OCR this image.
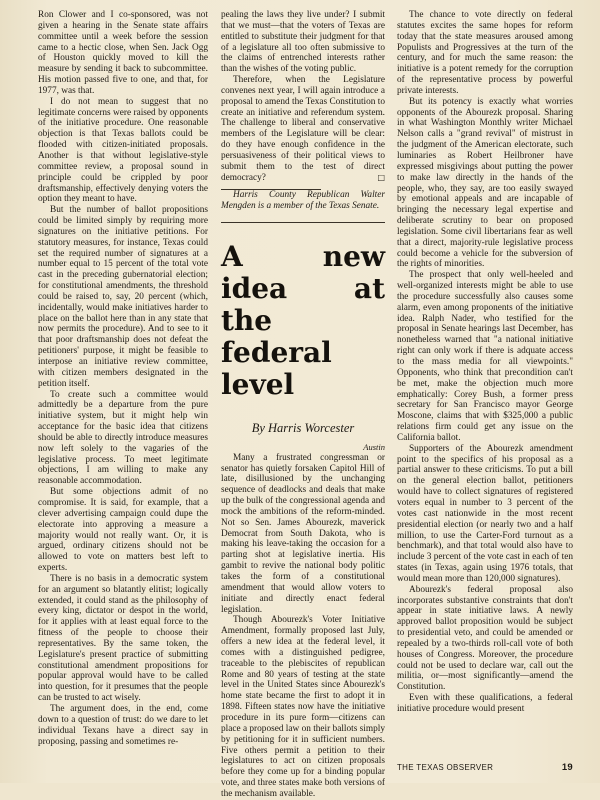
Ron Clower and I co-sponsored, was not given a hearing in the Senate state affairs committee until a week before the session came to a hectic close, when Sen. Jack Ogg of Houston quickly moved to kill the measure by sending it back to subcommittee. His motion passed five to one, and that, for 1977, was that.

I do not mean to suggest that no legitimate concerns were raised by opponents of the initiative procedure. One reasonable objection is that Texas ballots could be flooded with citizen-initiated proposals. Another is that without legislative-style committee review, a proposal sound in principle could be crippled by poor draftsmanship, effectively denying voters the option they meant to have.

But the number of ballot propositions could be limited simply by requiring more signatures on the initiative petitions. For statutory measures, for instance, Texas could set the required number of signatures at a number equal to 15 percent of the total vote cast in the preceding gubernatorial election; for constitutional amendments, the threshold could be raised to, say, 20 percent (which, incidentally, would make initiatives harder to place on the ballot here than in any state that now permits the procedure). And to see to it that poor draftsmanship does not defeat the petitioners' purpose, it might be feasible to interpose an initiative review committee, with citizen members designated in the petition itself.

To create such a committee would admittedly be a departure from the pure initiative system, but it might help win acceptance for the basic idea that citizens should be able to directly introduce measures now left solely to the vagaries of the legislative process. To meet legitimate objections, I am willing to make any reasonable accommodation.

But some objections admit of no compromise. It is said, for example, that a clever advertising campaign could dupe the electorate into approving a measure a majority would not really want. Or, it is argued, ordinary citizens should not be allowed to vote on matters best left to experts.

There is no basis in a democratic system for an argument so blatantly elitist; logically extended, it could stand as the philosophy of every king, dictator or despot in the world, for it applies with at least equal force to the fitness of the people to choose their representatives. By the same token, the Legislature's present practice of submitting constitutional amendment propositions for popular approval would have to be called into question, for it presumes that the people can be trusted to act wisely.

The argument does, in the end, come down to a question of trust: do we dare to let individual Texans have a direct say in proposing, passing and sometimes re-

pealing the laws they live under? I submit that we must—that the voters of Texas are entitled to substitute their judgment for that of a legislature all too often submissive to the claims of entrenched interests rather than the wishes of the voting public.

Therefore, when the Legislature convenes next year, I will again introduce a proposal to amend the Texas Constitution to create an initiative and referendum system. The challenge to liberal and conservative members of the Legislature will be clear: do they have enough confidence in the persuasiveness of their political views to submit them to the test of direct democracy?	□

Harris County Republican Walter Mengden is a member of the Texas Senate.

A new idea at the federal level
By Harris Worcester
Austin

Many a frustrated congressman or senator has quietly forsaken Capitol Hill of late, disillusioned by the unchanging sequence of deadlocks and deals that make up the bulk of the congressional agenda and mock the ambitions of the reform-minded. Not so Sen. James Abourezk, maverick Democrat from South Dakota, who is making his leave-taking the occasion for a parting shot at legislative inertia. His gambit to revive the national body politic takes the form of a constitutional amendment that would allow voters to initiate and directly enact federal legislation.

Though Abourezk's Voter Initiative Amendment, formally proposed last July, offers a new idea at the federal level, it comes with a distinguished pedigree, traceable to the plebiscites of republican Rome and 80 years of testing at the state level in the United States since Abourezk's home state became the first to adopt it in 1898. Fifteen states now have the initiative procedure in its pure form—citizens can place a proposed law on their ballots simply by petitioning for it in sufficient numbers. Five others permit a petition to their legislatures to act on citizen proposals before they come up for a binding popular vote, and three states make both versions of the mechanism available.

The chance to vote directly on federal statutes excites the same hopes for reform today that the state measures aroused among Populists and Progressives at the turn of the century, and for much the same reason: the initiative is a potent remedy for the corruption of the representative process by powerful private interests.

But its potency is exactly what worries opponents of the Abourezk proposal. Sharing in what Washington Monthly writer Michael Nelson calls a "grand revival" of mistrust in the judgment of the American electorate, such luminaries as Robert Heilbroner have expressed misgivings about putting the power to make law directly in the hands of the people, who, they say, are too easily swayed by emotional appeals and are incapable of bringing the necessary legal expertise and deliberate scrutiny to bear on proposed legislation. Some civil libertarians fear as well that a direct, majority-rule legislative process could become a vehicle for the subversion of the rights of minorities.

The prospect that only well-heeled and well-organized interests might be able to use the procedure successfully also causes some alarm, even among proponents of the initiative idea. Ralph Nader, who testified for the proposal in Senate hearings last December, has nonetheless warned that "a national initiative right can only work if there is adquate access to the mass media for all viewpoints." Opponents, who think that precondition can't be met, make the objection much more emphatically: Corey Bush, a former press secretary for San Francisco mayor George Moscone, claims that with $325,000 a public relations firm could get any issue on the California ballot.

Supporters of the Abourezk amendment point to the specifics of his proposal as a partial answer to these criticisms. To put a bill on the general election ballot, petitioners would have to collect signatures of registered voters equal in number to 3 percent of the votes cast nationwide in the most recent presidential election (or nearly two and a half million, to use the Carter-Ford turnout as a benchmark), and that total would also have to include 3 percent of the vote cast in each of ten states (in Texas, again using 1976 totals, that would mean more than 120,000 signatures).

Abourezk's federal proposal also incorporates substantive constraints that don't appear in state initiative laws. A newly approved ballot proposition would be subject to presidential veto, and could be amended or repealed by a two-thirds roll-call vote of both houses of Congress. Moreover, the procedure could not be used to declare war, call out the militia, or—most significantly—amend the Constitution.

Even with these qualifications, a federal initiative procedure would present

THE TEXAS OBSERVER	19
